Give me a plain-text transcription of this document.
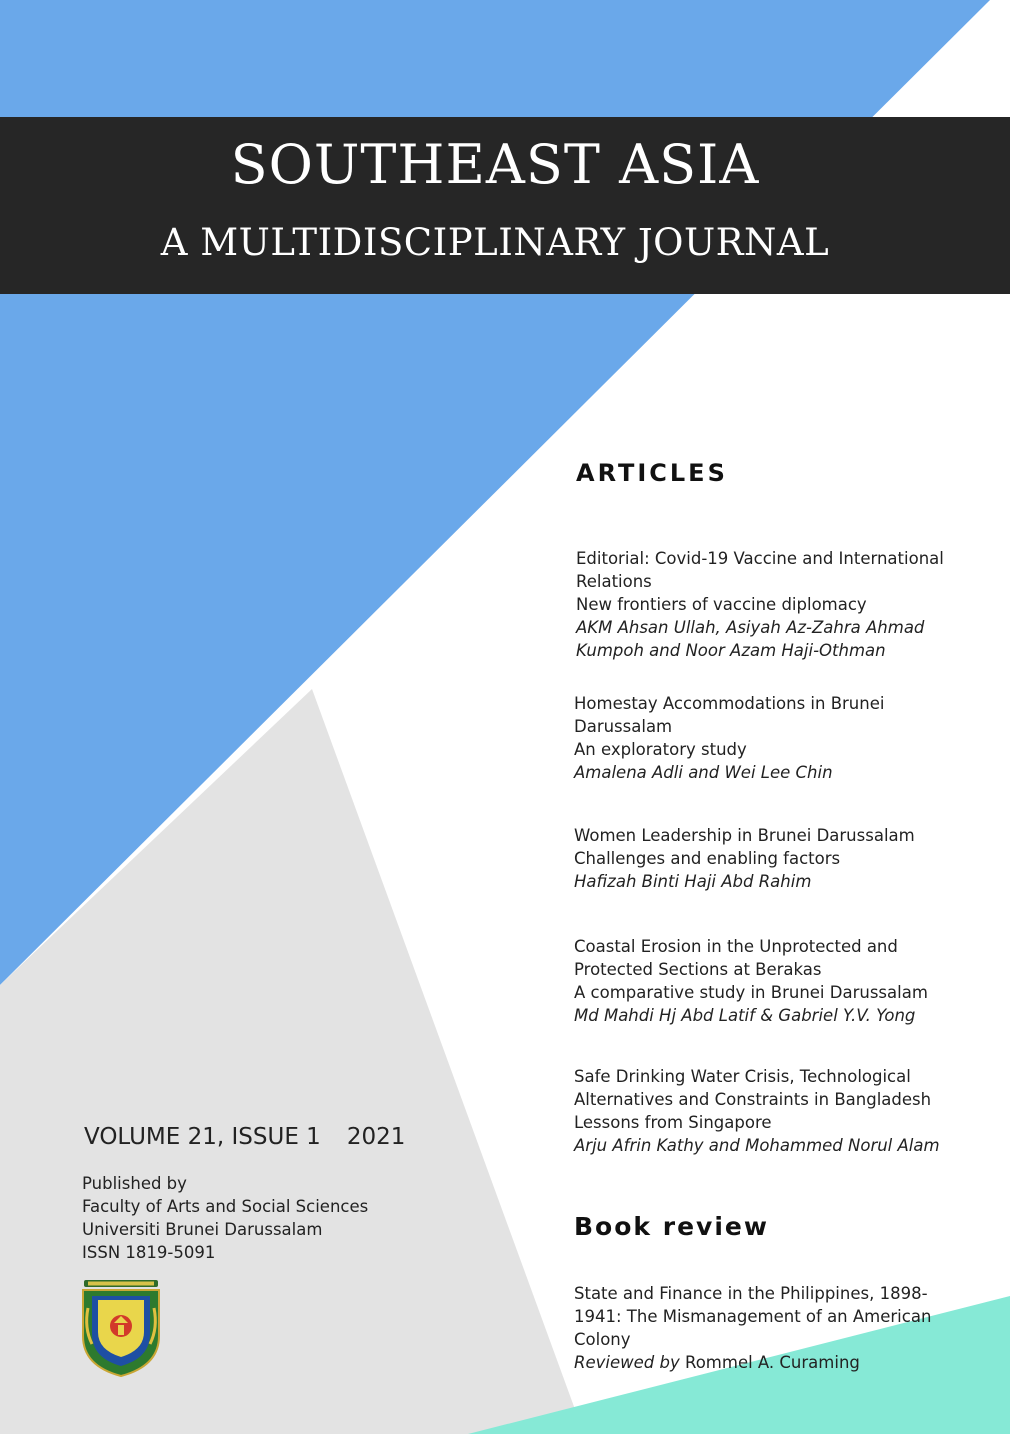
SOUTHEAST ASIA
A MULTIDISCIPLINARY JOURNAL
ARTICLES
Editorial: Covid-19 Vaccine and International
Relations
New frontiers of vaccine diplomacy
AKM Ahsan Ullah, Asiyah Az-Zahra Ahmad
Kumpoh and Noor Azam Haji-Othman
Homestay Accommodations in Brunei
Darussalam
An exploratory study
Amalena Adli and Wei Lee Chin
Women Leadership in Brunei Darussalam
Challenges and enabling factors
Hafizah Binti Haji Abd Rahim
Coastal Erosion in the Unprotected and
Protected Sections at Berakas
A comparative study in Brunei Darussalam
Md Mahdi Hj Abd Latif & Gabriel Y.V. Yong
Safe Drinking Water Crisis, Technological
Alternatives and Constraints in Bangladesh
Lessons from Singapore
Arju Afrin Kathy and Mohammed Norul Alam
Book review
State and Finance in the Philippines, 1898-
1941: The Mismanagement of an American
Colony
Reviewed by Rommel A. Curaming
VOLUME 21, ISSUE 1 2021
Published by
Faculty of Arts and Social Sciences
Universiti Brunei Darussalam
ISSN 1819-5091
